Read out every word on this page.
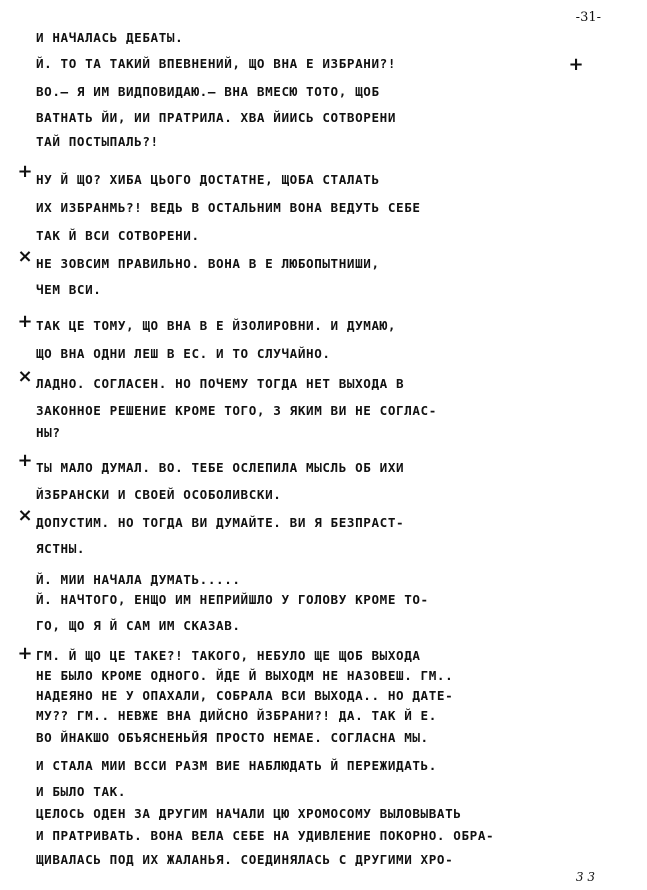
-31-
+
+
×
+
×
+
×
+
И НАЧАЛАСЬ ДЕБАТЫ.
Й. ТО ТА ТАКИЙ ВПЕВНЕНИЙ, ЩО ВНА Е ИЗБРАНИ?!
ВО.— Я ИМ ВИДПОВИДАЮ.— ВНА ВМЕСЮ ТОТО, ЩОБ
ВАТНАТЬ ЙИ, ИИ ПРАТРИЛА. ХВА ЙИИСЬ СОТВОРЕНИ
ТАЙ ПОСТЫПАЛЬ?!
НУ Й ЩО? ХИБА ЦЬОГО ДОСТАТНЕ, ЩОБА СТАЛАТЬ
ИХ ИЗБРАНМЬ?! ВЕДЬ В ОСТАЛЬНИМ ВОНА ВЕДУТЬ СЕБЕ
ТАК Й ВСИ СОТВОРЕНИ.
НЕ ЗОВСИМ ПРАВИЛЬНО. ВОНА В Е ЛЮБОПЫТНИШИ,
ЧЕМ ВСИ.
ТАК ЦЕ ТОМУ, ЩО ВНА В Е ЙЗОЛИРОВНИ. И ДУМАЮ,
ЩО ВНА ОДНИ ЛЕШ В ЕС. И ТО СЛУЧАЙНО.
ЛАДНО. СОГЛАСЕН. НО ПОЧЕМУ ТОГДА НЕТ ВЫХОДА В
ЗАКОННОЕ РЕШЕНИЕ КРОМЕ ТОГО, З ЯКИМ ВИ НЕ СОГЛАС-
НЫ?
ТЫ МАЛО ДУМАЛ. ВО. ТЕБЕ ОСЛЕПИЛА МЫСЛЬ ОБ ИХИ
ЙЗБРАНСКИ И СВОЕЙ ОСОБОЛИВСКИ.
ДОПУСТИМ. НО ТОГДА ВИ ДУМАЙТЕ. ВИ Я БЕЗПРАСТ-
ЯСТНЫ.
Й. МИИ НАЧАЛА ДУМАТЬ.....
Й. НАЧТОГО, ЕНЩО ИМ НЕПРИЙШЛО У ГОЛОВУ КРОМЕ ТО-
ГО, ЩО Я Й САМ ИМ СКАЗАВ.
ГМ. Й ЩО ЦЕ ТАКЕ?! ТАКОГО, НЕБУЛО ЩЕ ЩОБ ВЫХОДА
НЕ БЫЛО КРОМЕ ОДНОГО. ЙДЕ Й ВЫХОДМ НЕ НАЗОВЕШ. ГМ..
НАДЕЯНО НЕ У ОПАХАЛИ, СОБРАЛА ВСИ ВЫХОДА.. НО ДАТЕ-
МУ?? ГМ.. НЕВЖЕ ВНА ДИЙСНО ЙЗБРАНИ?! ДА. ТАК Й Е.
ВО ЙНАКШО ОБЪЯСНЕНЬЙЯ ПРОСТО НЕМАЕ. СОГЛАСНА МЫ.
И СТАЛА МИИ ВССИ РАЗМ ВИЕ НАБЛЮДАТЬ Й ПЕРЕЖИДАТЬ.
И БЫЛО ТАК.
ЦЕЛОСЬ ОДЕН ЗА ДРУГИМ НАЧАЛИ ЦЮ ХРОМОСОМУ ВЫЛОВЫВАТЬ
И ПРАТРИВАТЬ. ВОНА ВЕЛА СЕБЕ НА УДИВЛЕНИЕ ПОКОРНО. ОБРА-
ЩИВАЛАСЬ ПОД ИХ ЖАЛАНЬЯ. СОЕДИНЯЛАСЬ С ДРУГИМИ ХРО-
3 3
